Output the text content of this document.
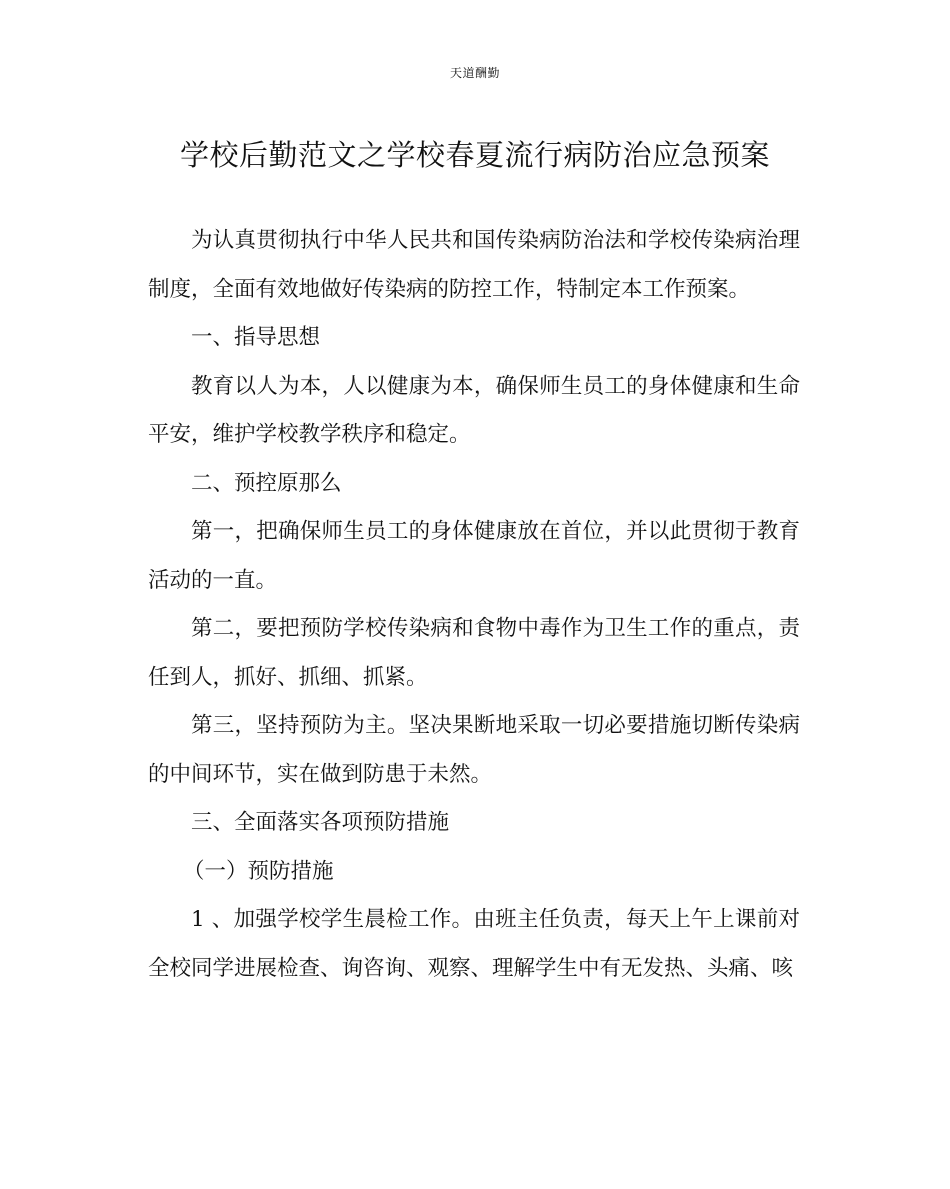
天道酬勤
学校后勤范文之学校春夏流行病防治应急预案

为认真贯彻执行中华人民共和国传染病防治法和学校传染病治理制度，全面有效地做好传染病的防控工作，特制定本工作预案。

一、指导思想

教育以人为本，人以健康为本，确保师生员工的身体健康和生命平安，维护学校教学秩序和稳定。

二、预控原那么

第一，把确保师生员工的身体健康放在首位，并以此贯彻于教育活动的一直。

第二，要把预防学校传染病和食物中毒作为卫生工作的重点，责任到人，抓好、抓细、抓紧。

第三，坚持预防为主。坚决果断地采取一切必要措施切断传染病的中间环节，实在做到防患于未然。

三、全面落实各项预防措施

（一）预防措施

1 、加强学校学生晨检工作。由班主任负责，每天上午上课前对全校同学进展检查、询咨询、观察、理解学生中有无发热、头痛、咳
